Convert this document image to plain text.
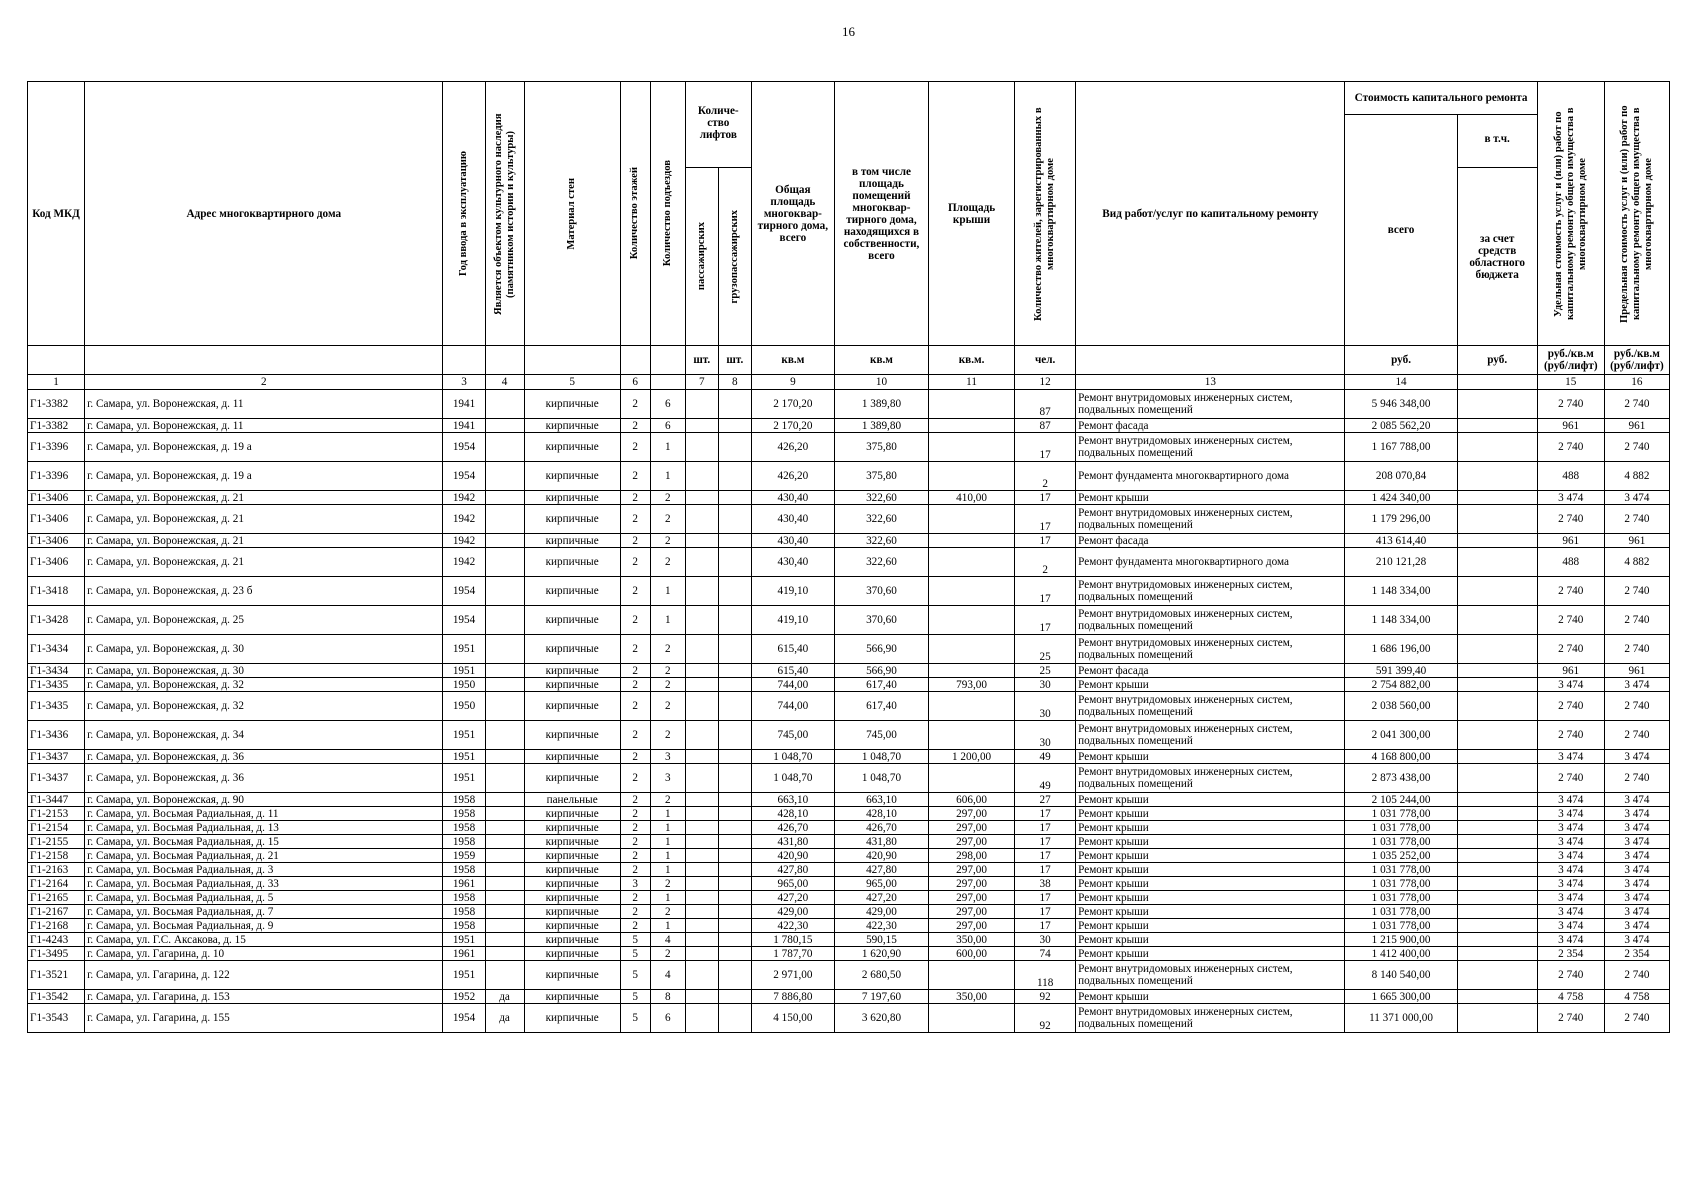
16
Код МКД	Адрес многоквартирного дома	Год ввода в эксплуатацию	Является объектом культурного наследия (памятником истории и культуры)	Материал стен	Количество этажей	Количество подъездов	Количе-ство лифтов		Общая площадь многоквар-тирного дома, всего	в том числе площадь помещений многоквар-тирного дома, находящихся в собственности, всего	Площадь крыши	Количество жителей, зарегистрированных в многоквартирном доме	Вид работ/услуг по капитальному ремонту	Стоимость капитального ремонта		Удельная стоимость услуг и (или) работ по капитальному ремонту общего имущества в многоквартирном доме	Предельная стоимость услуг и (или) работ по капитальному ремонту общего имущества в многоквартирном доме

														всего	в т.ч.		

							пассажирских	грузопассажирских							за счет средств областного бюджета		
							шт.	шт.	кв.м	кв.м	кв.м.	чел.		руб.	руб.	руб./кв.м (руб/лифт)	руб./кв.м (руб/лифт)
1	2	3	4	5	6		7	8	9	10	11	12	13	14		15	16
Г1-3382	г. Самара, ул. Воронежская, д. 11	1941		кирпичные	2	6			2 170,20	1 389,80		87	Ремонт внутридомовых инженерных систем, подвальных помещений	5 946 348,00		2 740	2 740
Г1-3382	г. Самара, ул. Воронежская, д. 11	1941		кирпичные	2	6			2 170,20	1 389,80		87	Ремонт фасада	2 085 562,20		961	961
Г1-3396	г. Самара, ул. Воронежская, д. 19 а	1954		кирпичные	2	1			426,20	375,80		17	Ремонт внутридомовых инженерных систем, подвальных помещений	1 167 788,00		2 740	2 740
Г1-3396	г. Самара, ул. Воронежская, д. 19 а	1954		кирпичные	2	1			426,20	375,80		2	Ремонт фундамента многоквартирного дома	208 070,84		488	4 882
Г1-3406	г. Самара, ул. Воронежская, д. 21	1942		кирпичные	2	2			430,40	322,60	410,00	17	Ремонт крыши	1 424 340,00		3 474	3 474
Г1-3406	г. Самара, ул. Воронежская, д. 21	1942		кирпичные	2	2			430,40	322,60		17	Ремонт внутридомовых инженерных систем, подвальных помещений	1 179 296,00		2 740	2 740
Г1-3406	г. Самара, ул. Воронежская, д. 21	1942		кирпичные	2	2			430,40	322,60		17	Ремонт фасада	413 614,40		961	961
Г1-3406	г. Самара, ул. Воронежская, д. 21	1942		кирпичные	2	2			430,40	322,60		2	Ремонт фундамента многоквартирного дома	210 121,28		488	4 882
Г1-3418	г. Самара, ул. Воронежская, д. 23 б	1954		кирпичные	2	1			419,10	370,60		17	Ремонт внутридомовых инженерных систем, подвальных помещений	1 148 334,00		2 740	2 740
Г1-3428	г. Самара, ул. Воронежская, д. 25	1954		кирпичные	2	1			419,10	370,60		17	Ремонт внутридомовых инженерных систем, подвальных помещений	1 148 334,00		2 740	2 740
Г1-3434	г. Самара, ул. Воронежская, д. 30	1951		кирпичные	2	2			615,40	566,90		25	Ремонт внутридомовых инженерных систем, подвальных помещений	1 686 196,00		2 740	2 740
Г1-3434	г. Самара, ул. Воронежская, д. 30	1951		кирпичные	2	2			615,40	566,90		25	Ремонт фасада	591 399,40		961	961
Г1-3435	г. Самара, ул. Воронежская, д. 32	1950		кирпичные	2	2			744,00	617,40	793,00	30	Ремонт крыши	2 754 882,00		3 474	3 474
Г1-3435	г. Самара, ул. Воронежская, д. 32	1950		кирпичные	2	2			744,00	617,40		30	Ремонт внутридомовых инженерных систем, подвальных помещений	2 038 560,00		2 740	2 740
Г1-3436	г. Самара, ул. Воронежская, д. 34	1951		кирпичные	2	2			745,00	745,00		30	Ремонт внутридомовых инженерных систем, подвальных помещений	2 041 300,00		2 740	2 740
Г1-3437	г. Самара, ул. Воронежская, д. 36	1951		кирпичные	2	3			1 048,70	1 048,70	1 200,00	49	Ремонт крыши	4 168 800,00		3 474	3 474
Г1-3437	г. Самара, ул. Воронежская, д. 36	1951		кирпичные	2	3			1 048,70	1 048,70		49	Ремонт внутридомовых инженерных систем, подвальных помещений	2 873 438,00		2 740	2 740
Г1-3447	г. Самара, ул. Воронежская, д. 90	1958		панельные	2	2			663,10	663,10	606,00	27	Ремонт крыши	2 105 244,00		3 474	3 474
Г1-2153	г. Самара, ул. Восьмая Радиальная, д. 11	1958		кирпичные	2	1			428,10	428,10	297,00	17	Ремонт крыши	1 031 778,00		3 474	3 474
Г1-2154	г. Самара, ул. Восьмая Радиальная, д. 13	1958		кирпичные	2	1			426,70	426,70	297,00	17	Ремонт крыши	1 031 778,00		3 474	3 474
Г1-2155	г. Самара, ул. Восьмая Радиальная, д. 15	1958		кирпичные	2	1			431,80	431,80	297,00	17	Ремонт крыши	1 031 778,00		3 474	3 474
Г1-2158	г. Самара, ул. Восьмая Радиальная, д. 21	1959		кирпичные	2	1			420,90	420,90	298,00	17	Ремонт крыши	1 035 252,00		3 474	3 474
Г1-2163	г. Самара, ул. Восьмая Радиальная, д. 3	1958		кирпичные	2	1			427,80	427,80	297,00	17	Ремонт крыши	1 031 778,00		3 474	3 474
Г1-2164	г. Самара, ул. Восьмая Радиальная, д. 33	1961		кирпичные	3	2			965,00	965,00	297,00	38	Ремонт крыши	1 031 778,00		3 474	3 474
Г1-2165	г. Самара, ул. Восьмая Радиальная, д. 5	1958		кирпичные	2	1			427,20	427,20	297,00	17	Ремонт крыши	1 031 778,00		3 474	3 474
Г1-2167	г. Самара, ул. Восьмая Радиальная, д. 7	1958		кирпичные	2	2			429,00	429,00	297,00	17	Ремонт крыши	1 031 778,00		3 474	3 474
Г1-2168	г. Самара, ул. Восьмая Радиальная, д. 9	1958		кирпичные	2	1			422,30	422,30	297,00	17	Ремонт крыши	1 031 778,00		3 474	3 474
Г1-4243	г. Самара, ул. Г.С. Аксакова, д. 15	1951		кирпичные	5	4			1 780,15	590,15	350,00	30	Ремонт крыши	1 215 900,00		3 474	3 474
Г1-3495	г. Самара, ул. Гагарина, д. 10	1961		кирпичные	5	2			1 787,70	1 620,90	600,00	74	Ремонт крыши	1 412 400,00		2 354	2 354
Г1-3521	г. Самара, ул. Гагарина, д. 122	1951		кирпичные	5	4			2 971,00	2 680,50		118	Ремонт внутридомовых инженерных систем, подвальных помещений	8 140 540,00		2 740	2 740
Г1-3542	г. Самара, ул. Гагарина, д. 153	1952	да	кирпичные	5	8			7 886,80	7 197,60	350,00	92	Ремонт крыши	1 665 300,00		4 758	4 758
Г1-3543	г. Самара, ул. Гагарина, д. 155	1954	да	кирпичные	5	6			4 150,00	3 620,80		92	Ремонт внутридомовых инженерных систем, подвальных помещений	11 371 000,00		2 740	2 740
